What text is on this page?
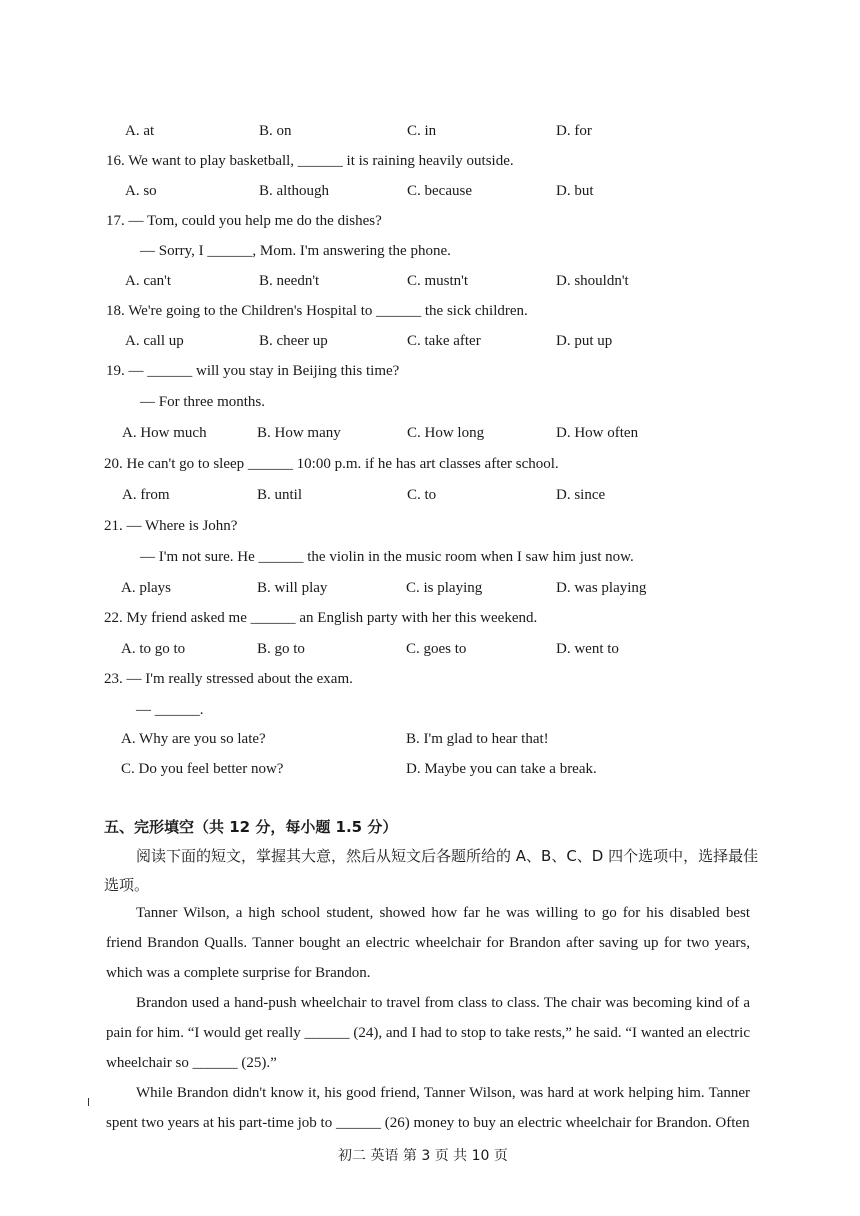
A. at	B. on	C. in	D. for
16. We want to play basketball, ______ it is raining heavily outside.
A. so	B. although	C. because	D. but
17. — Tom, could you help me do the dishes?
— Sorry, I ______, Mom. I'm answering the phone.
A. can't	B. needn't	C. mustn't	D. shouldn't
18. We're going to the Children's Hospital to ______ the sick children.
A. call up	B. cheer up	C. take after	D. put up
19. — ______ will you stay in Beijing this time?
— For three months.
A. How much	B. How many	C. How long	D. How often
20. He can't go to sleep ______ 10:00 p.m. if he has art classes after school.
A. from	B. until	C. to	D. since
21. — Where is John?
— I'm not sure. He ______ the violin in the music room when I saw him just now.
A. plays	B. will play	C. is playing	D. was playing
22. My friend asked me ______ an English party with her this weekend.
A. to go to	B. go to	C. goes to	D. went to
23. — I'm really stressed about the exam.
— ______.
A. Why are you so late?	B. I'm glad to hear that!
C. Do you feel better now?	D. Maybe you can take a break.
五、完形填空（共 12 分，每小题 1.5 分）
阅读下面的短文，掌握其大意，然后从短文后各题所给的 A、B、C、D 四个选项中，选择最佳
选项。
Tanner Wilson, a high school student, showed how far he was willing to go for his disabled best friend Brandon Qualls. Tanner bought an electric wheelchair for Brandon after saving up for two years, which was a complete surprise for Brandon.
Brandon used a hand-push wheelchair to travel from class to class. The chair was becoming kind of a pain for him. “I would get really ______ (24), and I had to stop to take rests,” he said. “I wanted an electric wheelchair so ______ (25).”
While Brandon didn't know it, his good friend, Tanner Wilson, was hard at work helping him. Tanner spent two years at his part-time job to ______ (26) money to buy an electric wheelchair for Brandon. Often
初二 英语 第 3 页 共 10 页
